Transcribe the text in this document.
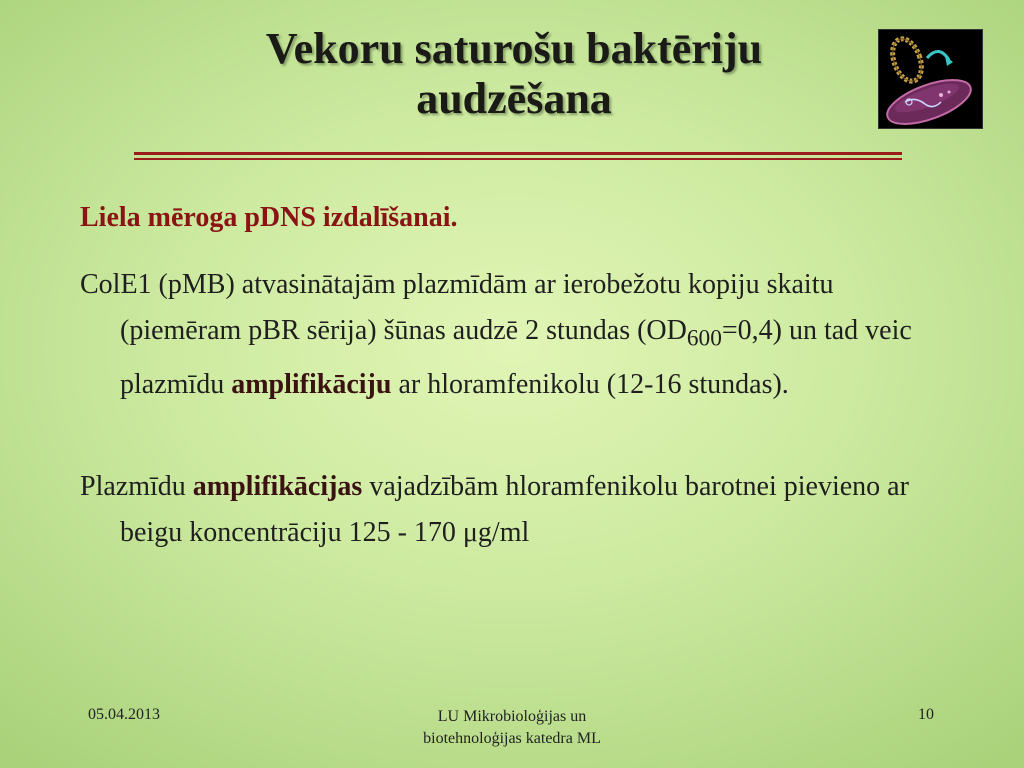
Vekoru saturošu baktēriju
audzēšana

Liela mēroga pDNS izdalīšanai.

ColE1 (pMB) atvasinātajām plazmīdām ar ierobežotu kopiju skaitu (piemēram pBR sērija) šūnas audzē 2 stundas $(OD_{600}=0,4)$ un tad veic plazmīdu amplifikāciju ar hloramfenikolu (12-16 stundas).

Plazmīdu amplifikācijas vajadzībām hloramfenikolu barotnei pievieno ar beigu koncentrāciju 125 - 170 μg/ml

05.04.2013	LU Mikrobioloģijas un
biotehnoloģijas katedra ML
10
